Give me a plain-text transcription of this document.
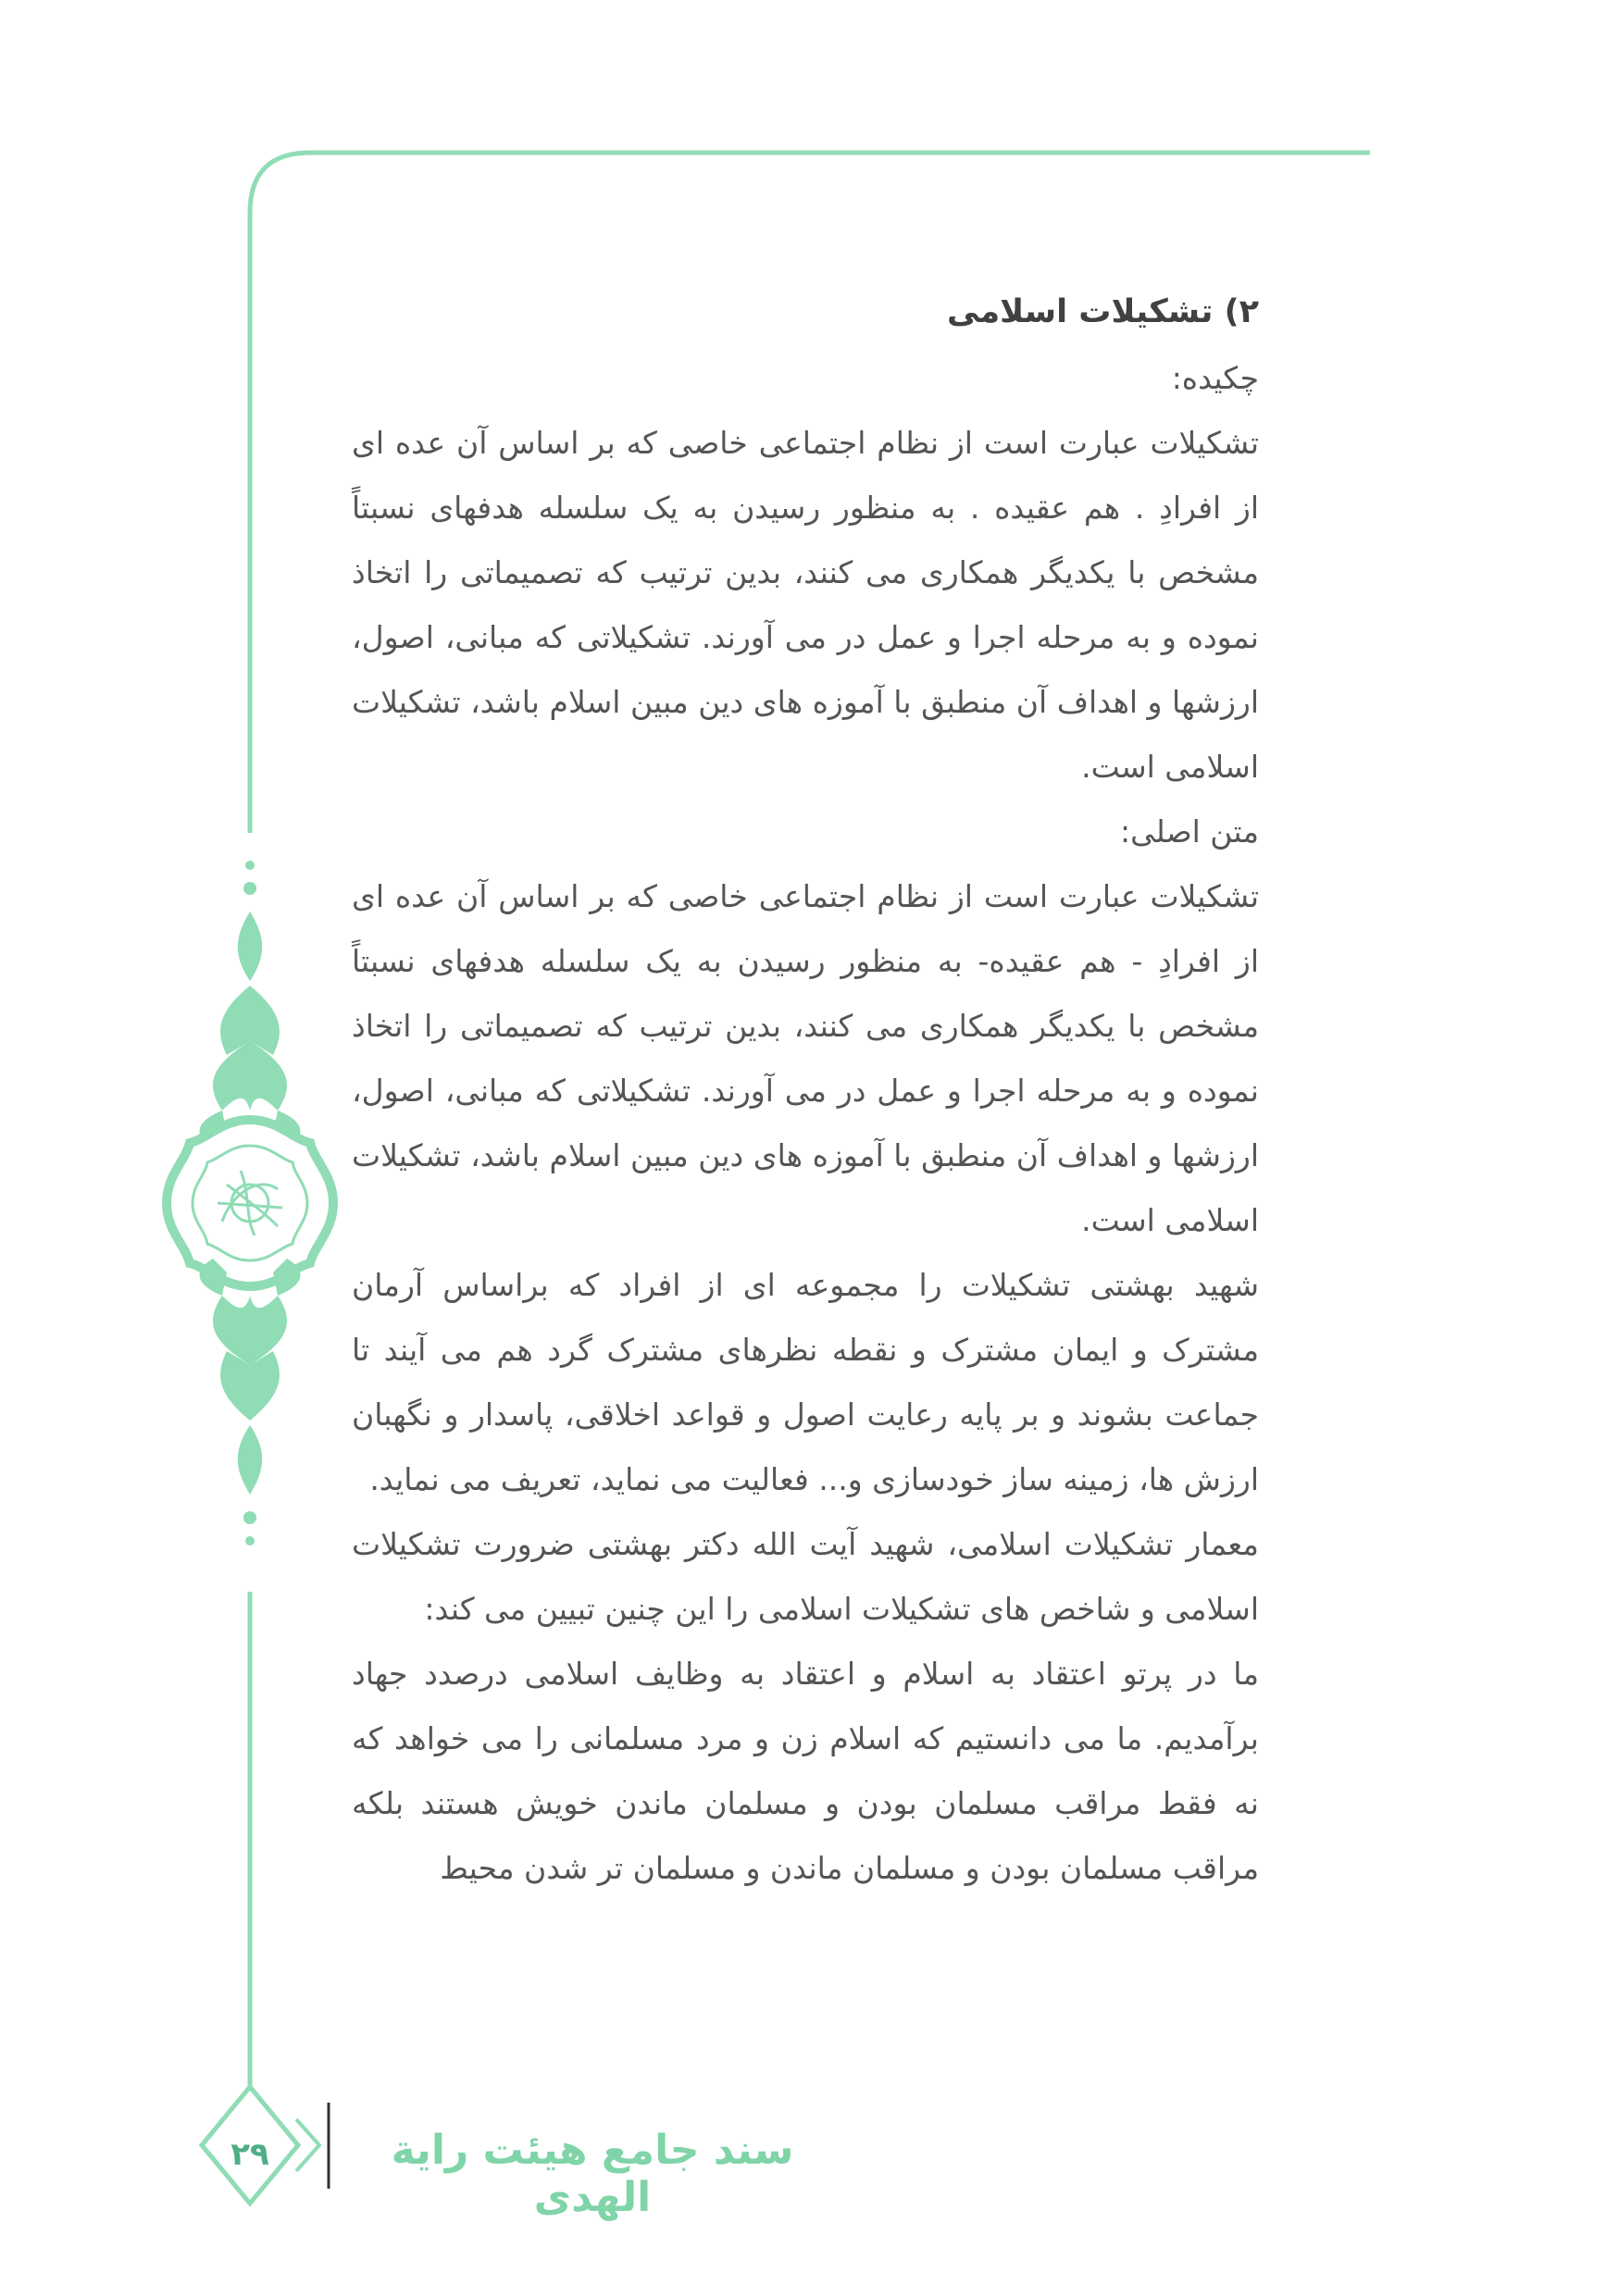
۲) تشکیلات اسلامی

چکیده:

تشکیلات عبارت است از نظام اجتماعی خاصی که بر اساس آن عده ای از افرادِ . هم عقیده . به منظور رسیدن به یک سلسله هدفهای نسبتاً مشخص با یکدیگر همکاری می کنند، بدین ترتیب که تصمیماتی را اتخاذ نموده و به مرحله اجرا و عمل در می آورند. تشکیلاتی که مبانی، اصول، ارزشها و اهداف آن منطبق با آموزه های دین مبین اسلام باشد، تشکیلات اسلامی است.

متن اصلی:

تشکیلات عبارت است از نظام اجتماعی خاصی که بر اساس آن عده ای از افرادِ - هم عقیده- به منظور رسیدن به یک سلسله هدفهای نسبتاً مشخص با یکدیگر همکاری می کنند، بدین ترتیب که تصمیماتی را اتخاذ نموده و به مرحله اجرا و عمل در می آورند. تشکیلاتی که مبانی، اصول، ارزشها و اهداف آن منطبق با آموزه های دین مبین اسلام باشد، تشکیلات اسلامی است.

شهید بهشتی تشکیلات را مجموعه ای از افراد که براساس آرمان مشترک و ایمان مشترک و نقطه نظرهای مشترک گرد هم می آیند تا جماعت بشوند و بر پایه رعایت اصول و قواعد اخلاقی، پاسدار و نگهبان ارزش ها، زمینه ساز خودسازی و... فعالیت می نماید، تعریف می نماید.

معمار تشکیلات اسلامی، شهید آیت الله دکتر بهشتی ضرورت تشکیلات اسلامی و شاخص های تشکیلات اسلامی را این چنین تبیین می کند:

ما در پرتو اعتقاد به اسلام و اعتقاد به وظایف اسلامی درصدد جهاد برآمدیم. ما می دانستیم که اسلام زن و مرد مسلمانی را می خواهد که نه فقط مراقب مسلمان بودن و مسلمان ماندن خویش هستند بلکه مراقب مسلمان بودن و مسلمان ماندن و مسلمان تر شدن محیط

۲۹	سند جامع هیئت رایة الهدی
